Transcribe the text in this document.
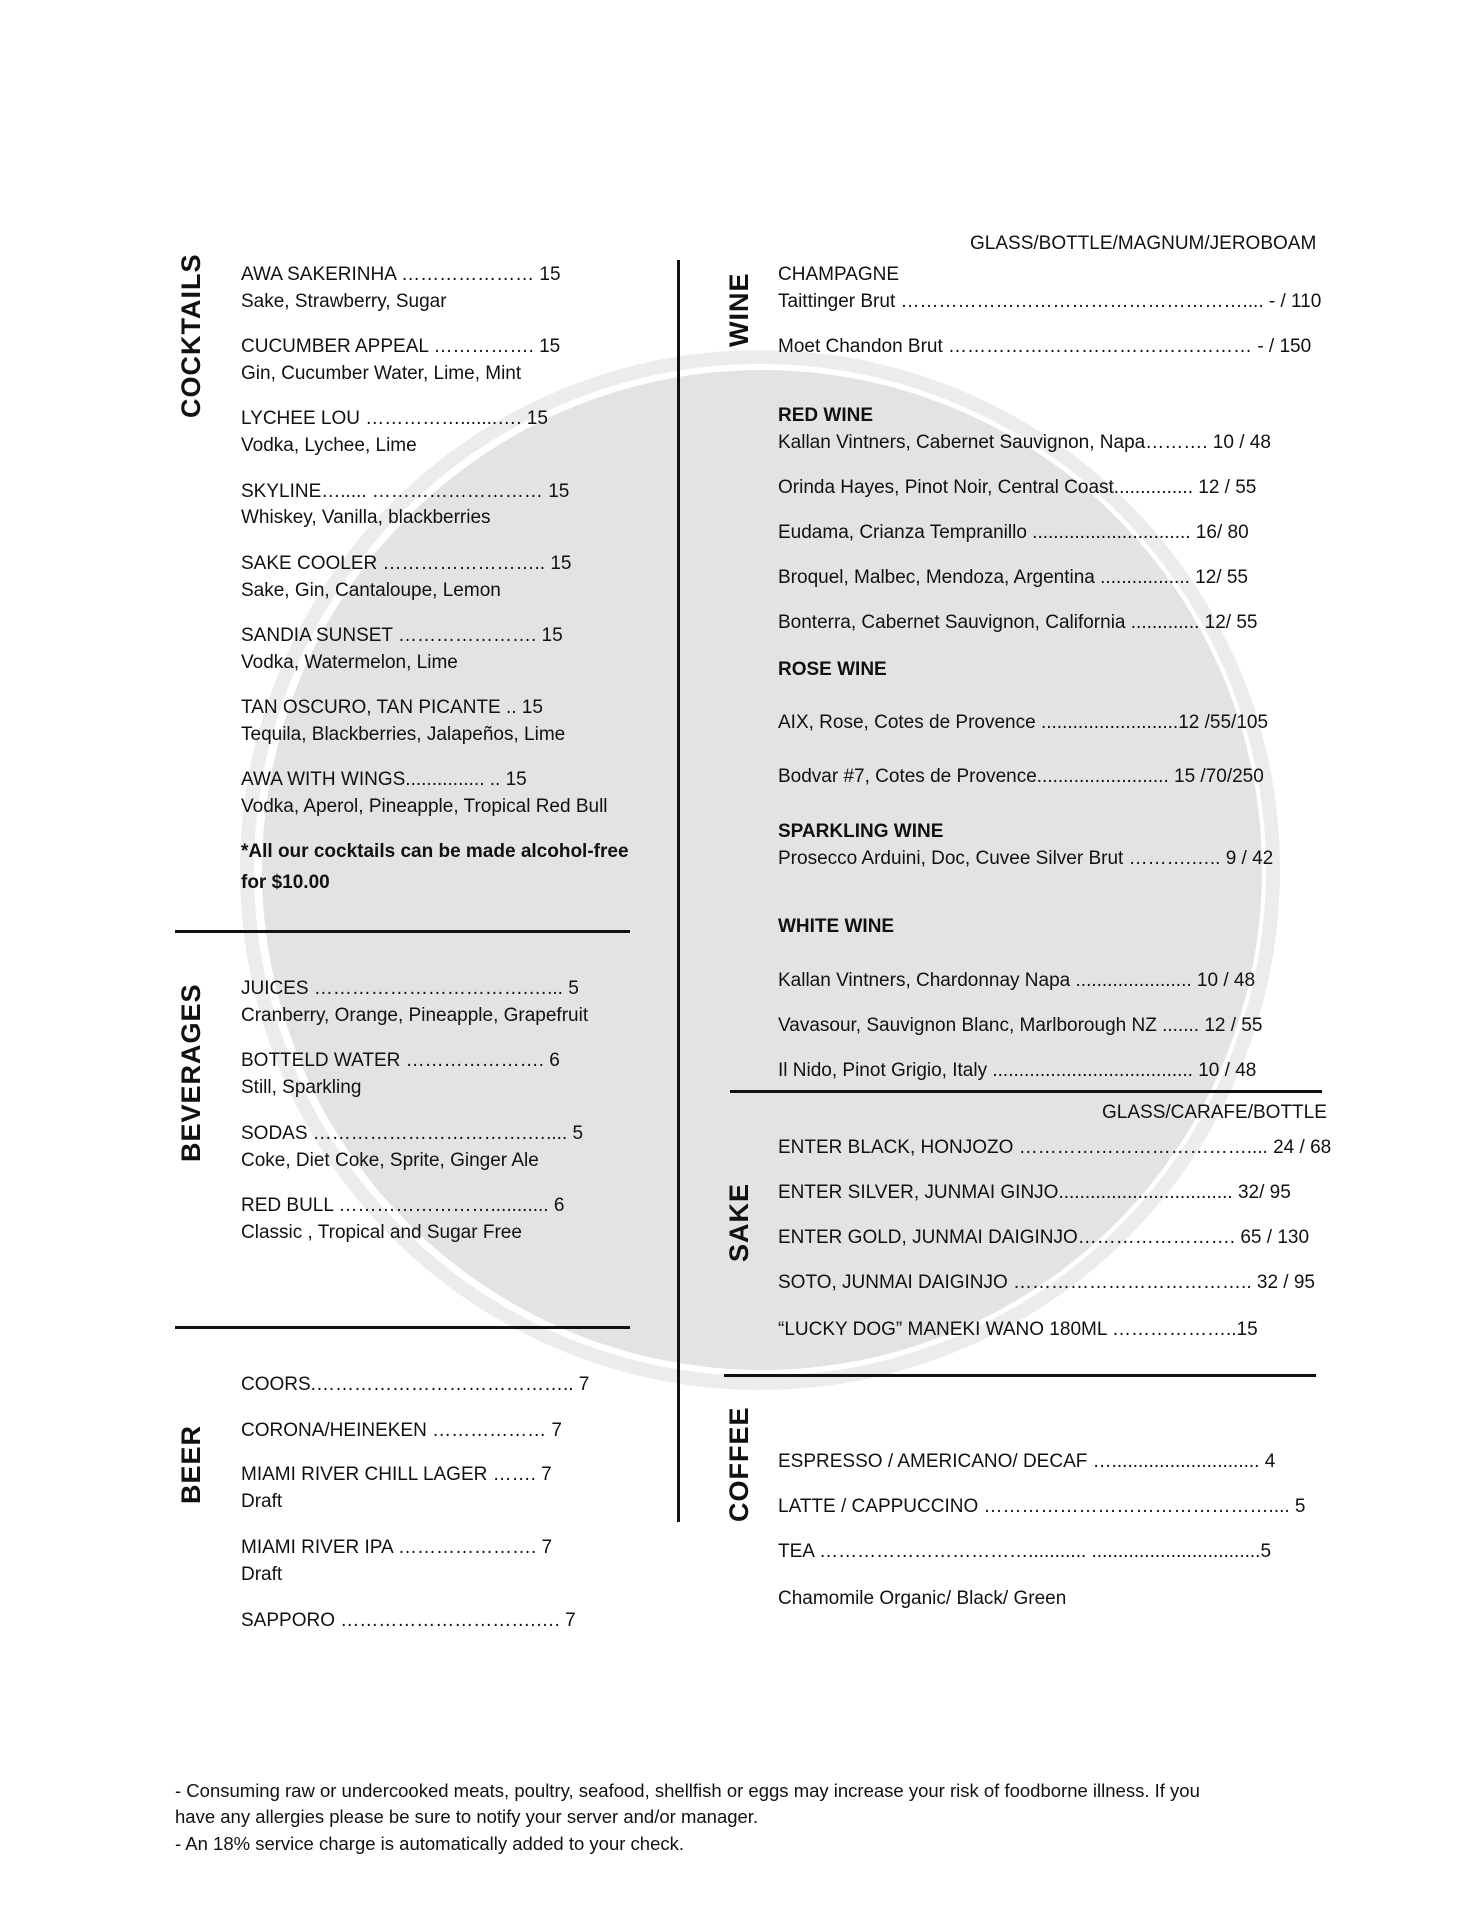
COCKTAILS
BEVERAGES
BEER
WINE
SAKE
COFFEE
GLASS/BOTTLE/MAGNUM/JEROBOAM
GLASS/CARAFE/BOTTLE
AWA SAKERINHA ………………… 15
Sake, Strawberry, Sugar
CUCUMBER APPEAL ……………. 15
Gin, Cucumber Water, Lime, Mint
LYCHEE LOU …………….......…. 15
Vodka, Lychee, Lime
SKYLINE…..... ……………………… 15
Whiskey, Vanilla, blackberries
SAKE COOLER …………………….. 15
Sake, Gin, Cantaloupe, Lemon
SANDIA SUNSET …………………. 15
Vodka, Watermelon, Lime
TAN OSCURO, TAN PICANTE .. 15
Tequila, Blackberries, Jalapeños, Lime
AWA WITH WINGS............... .. 15
Vodka, Aperol, Pineapple, Tropical Red Bull
*All our cocktails can be made alcohol-free
for $10.00
JUICES …………………………….…... 5
Cranberry, Orange, Pineapple, Grapefruit
BOTTELD WATER …………………. 6
Still, Sparkling
SODAS …………………………….….... 5
Coke, Diet Coke, Sprite, Ginger Ale
RED BULL ……………………........... 6
Classic , Tropical and Sugar Free
COORS.………………………………….. 7
CORONA/HEINEKEN ……………… 7
MIAMI RIVER CHILL LAGER ……. 7
Draft
MIAMI RIVER IPA …………………. 7
Draft
SAPPORO ………………………….…. 7
CHAMPAGNE
Taittinger Brut ……………………………………………….... - / 110
Moet Chandon Brut ………………………………………… - / 150
RED WINE
Kallan Vintners, Cabernet Sauvignon, Napa………. 10 / 48
Orinda Hayes, Pinot Noir, Central Coast............... 12 / 55
Eudama, Crianza Tempranillo .............................. 16/ 80
Broquel, Malbec, Mendoza, Argentina ................. 12/ 55
Bonterra, Cabernet Sauvignon, California ............. 12/ 55
ROSE WINE
AIX, Rose, Cotes de Provence ..........................12 /55/105
Bodvar #7, Cotes de Provence......................... 15 /70/250
SPARKLING WINE
Prosecco Arduini, Doc, Cuvee Silver Brut ……….….. 9 / 42
WHITE WINE
Kallan Vintners, Chardonnay Napa ...................... 10 / 48
Vavasour, Sauvignon Blanc, Marlborough NZ ....... 12 / 55
Il Nido, Pinot Grigio, Italy ...................................... 10 / 48
ENTER BLACK, HONJOZO ……………………………….... 24 / 68
ENTER SILVER, JUNMAI GINJO................................. 32/ 95
ENTER GOLD, JUNMAI DAIGINJO……………………. 65 / 130
SOTO, JUNMAI DAIGINJO ……………………………….. 32 / 95
“LUCKY DOG” MANEKI WANO 180ML ………………..15
ESPRESSO / AMERICANO/ DECAF …............................ 4
LATTE / CAPPUCCINO ……………………………………….... 5
TEA ……………………………........... ................................5
Chamomile Organic/ Black/ Green
- Consuming raw or undercooked meats, poultry, seafood, shellfish or eggs may increase your risk of foodborne illness. If you
have any allergies please be sure to notify your server and/or manager.
- An 18% service charge is automatically added to your check.
